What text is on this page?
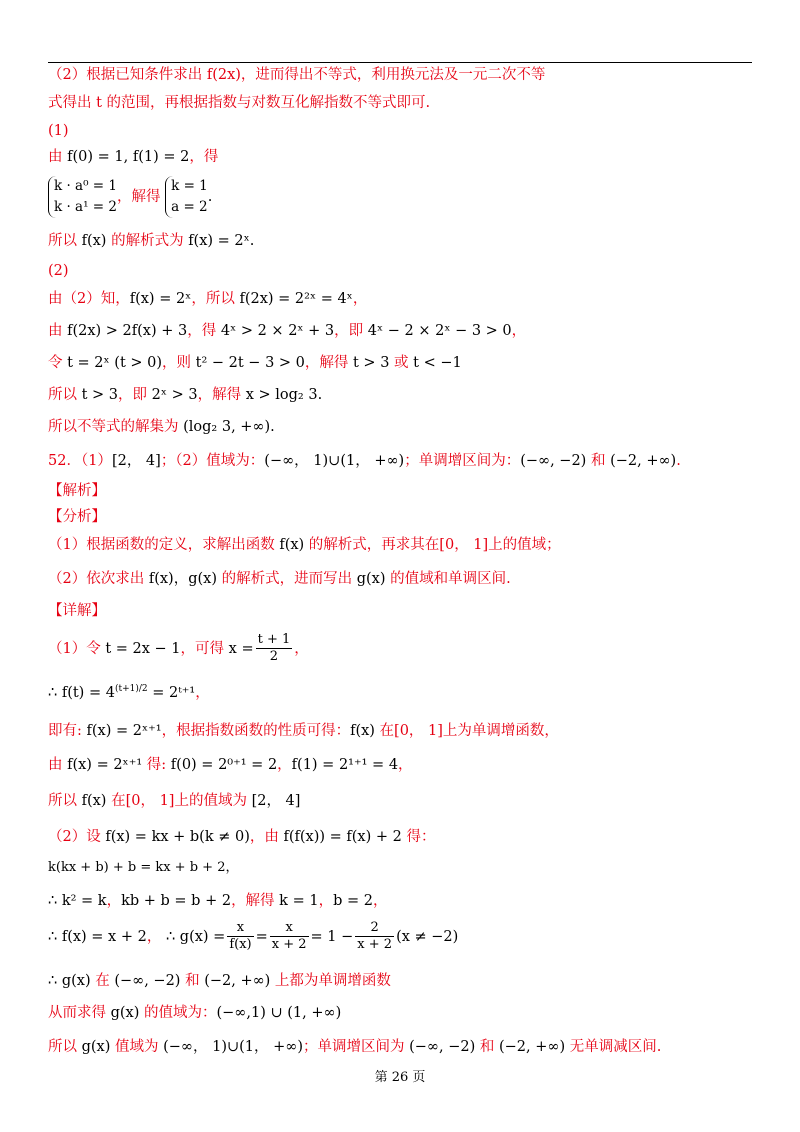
（2）根据已知条件求出 f(2x)，进而得出不等式，利用换元法及一元二次不等
式得出 t 的范围，再根据指数与对数互化解指数不等式即可.
(1)
由 f(0) = 1, f(1) = 2，得
k · a⁰ = 1
k · a¹ = 2，解得 k = 1
a = 2.
所以 f(x) 的解析式为 f(x) = 2ˣ.
(2)
由（2）知，f(x) = 2ˣ，所以 f(2x) = 2²ˣ = 4ˣ，
由 f(2x) > 2f(x) + 3，得 4ˣ > 2 × 2ˣ + 3，即 4ˣ − 2 × 2ˣ − 3 > 0，
令 t = 2ˣ (t > 0)，则 t² − 2t − 3 > 0，解得 t > 3 或 t < −1
所以 t > 3，即 2ˣ > 3，解得 x > log₂ 3.
所以不等式的解集为 (log₂ 3, +∞).
52．（1）[2， 4]；（2）值域为：(−∞， 1)∪(1， +∞)；单调增区间为：(−∞, −2) 和 (−2, +∞).
【解析】
【分析】
（1）根据函数的定义，求解出函数 f(x) 的解析式，再求其在[0， 1]上的值域；
（2）依次求出 f(x)，g(x) 的解析式，进而写出 g(x) 的值域和单调区间.
【详解】
（1）令 t = 2x − 1，可得 $x = \frac{t + 1}{2}$ ，
∴ $f(t) = 4^{(t+1)/2}$ = 2ᵗ⁺¹，
即有: f(x) = 2ˣ⁺¹，根据指数函数的性质可得：f(x) 在[0， 1]上为单调增函数，
由 f(x) = 2ˣ⁺¹ 得: f(0) = 2⁰⁺¹ = 2，f(1) = 2¹⁺¹ = 4，
所以 f(x) 在[0， 1]上的值域为 [2， 4]
（2）设 f(x) = kx + b(k ≠ 0)，由 f(f(x)) = f(x) + 2 得：
k(kx + b) + b = kx + b + 2，
∴ k² = k，kb + b = b + 2，解得 k = 1，b = 2，
∴ f(x) = x + 2， ∴ $g(x) = \frac{x}{f(x)} = \frac{x}{x + 2} = 1 - \frac{2}{x + 2} (x \ne -2)$
∴ g(x) 在 (−∞, −2) 和 (−2, +∞) 上都为单调增函数
从而求得 g(x) 的值域为：(−∞,1) ∪ (1, +∞)
所以 g(x) 值域为 (−∞， 1)∪(1， +∞)；单调增区间为 (−∞, −2) 和 (−2, +∞) 无单调减区间.
第 26 页
